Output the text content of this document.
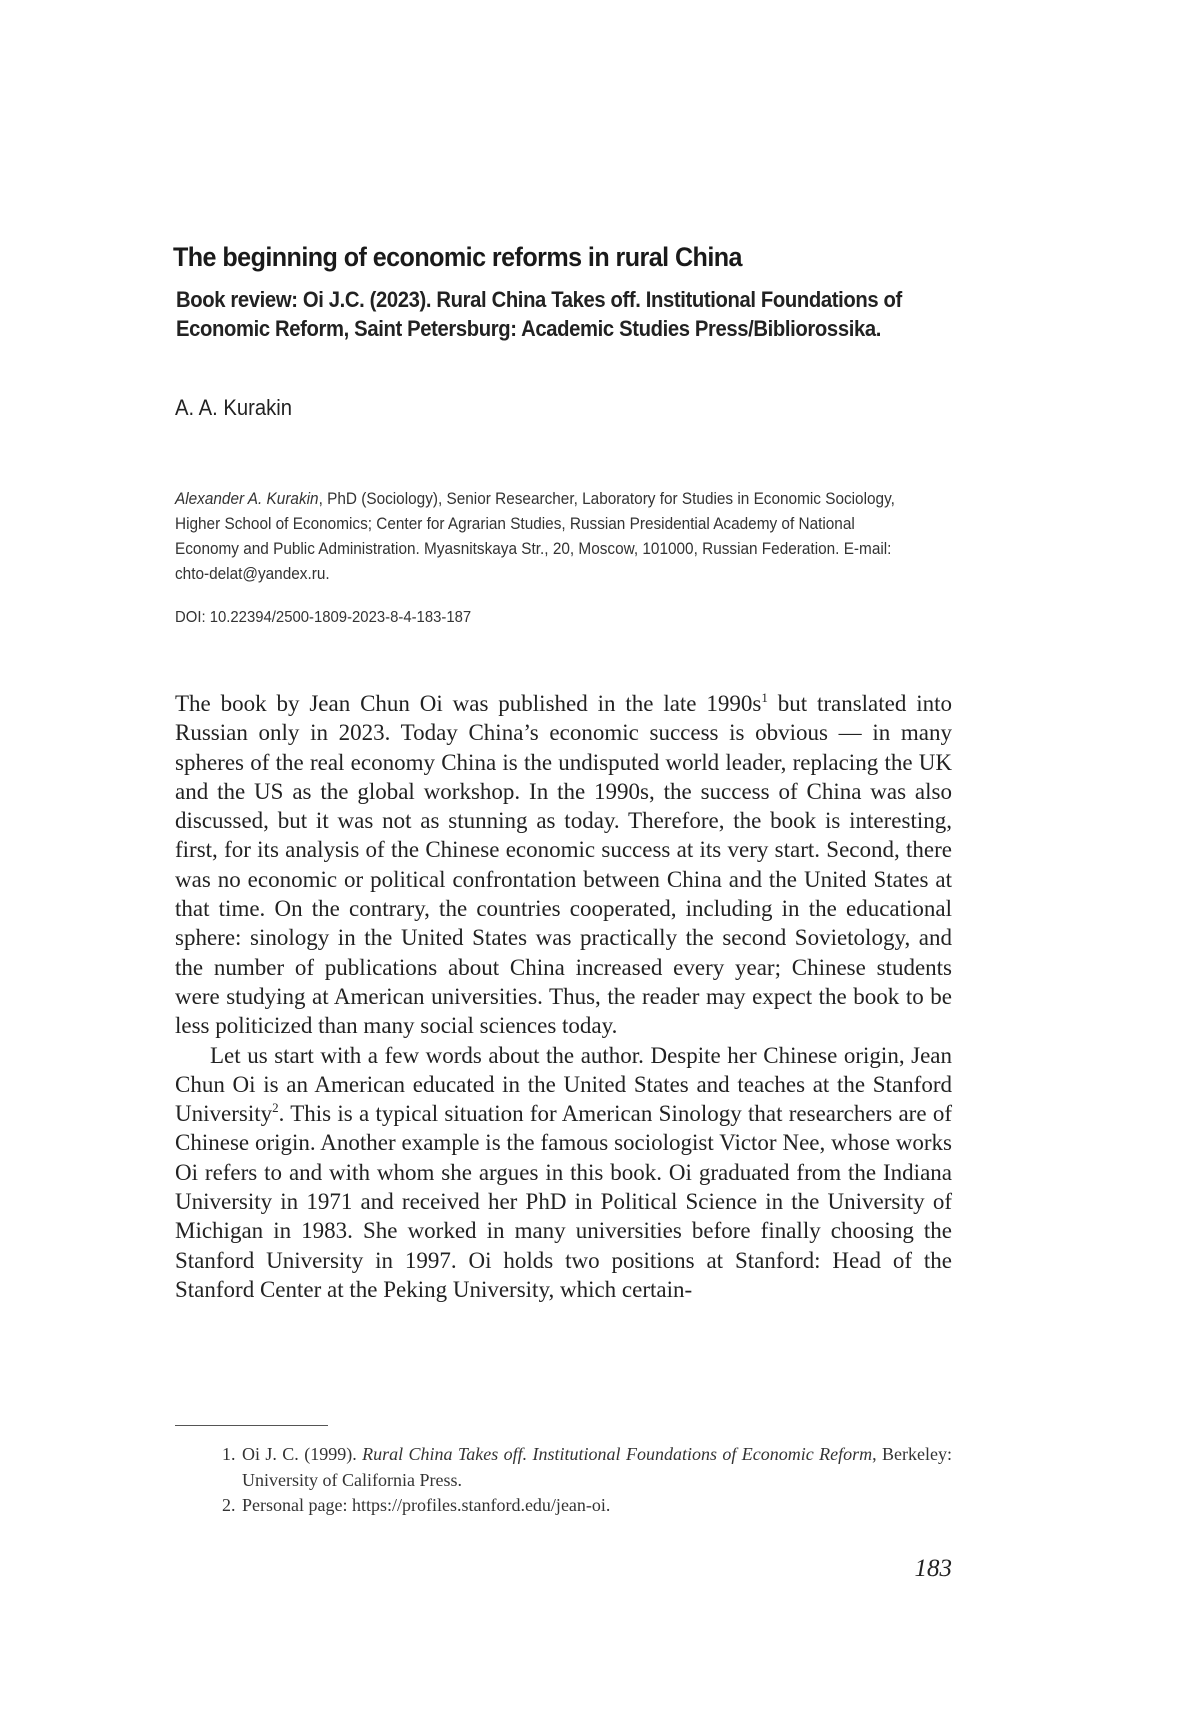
The beginning of economic reforms in rural China
Book review: Oi J.C. (2023). Rural China Takes off. Institutional Foundations of Economic Reform, Saint Petersburg: Academic Studies Press/Bibliorossika.
A. A. Kurakin

Alexander A. Kurakin, PhD (Sociology), Senior Researcher, Laboratory for Studies in Economic Sociology, Higher School of Economics; Center for Agrarian Studies, Russian Presidential Academy of National Economy and Public Administration. Myasnitskaya Str., 20, Moscow, 101000, Russian Federation. E-mail: chto-delat@yandex.ru.

DOI: 10.22394/2500-1809-2023-8-4-183-187

The book by Jean Chun Oi was published in the late $1990s^1$ but translated into Russian only in 2023. Today China’s economic success is obvious — in many spheres of the real economy China is the undisputed world leader, replacing the UK and the US as the global workshop. In the 1990s, the success of China was also discussed, but it was not as stunning as today. Therefore, the book is interesting, first, for its analysis of the Chinese economic success at its very start. Second, there was no economic or political confrontation between China and the United States at that time. On the contrary, the countries cooperated, including in the educational sphere: sinology in the United States was practically the second Sovietology, and the number of publications about China increased every year; Chinese students were studying at American universities. Thus, the reader may expect the book to be less politicized than many social sciences today.

Let us start with a few words about the author. Despite her Chinese origin, Jean Chun Oi is an American educated in the United States and teaches at the Stanford University$^2$. This is a typical situation for American Sinology that researchers are of Chinese origin. Another example is the famous sociologist Victor Nee, whose works Oi refers to and with whom she argues in this book. Oi graduated from the Indiana University in 1971 and received her PhD in Political Science in the University of Michigan in 1983. She worked in many universities before finally choosing the Stanford University in 1997. Oi holds two positions at Stanford: Head of the Stanford Center at the Peking University, which certain-

1. Oi J. C. (1999). Rural China Takes off. Institutional Foundations of Economic Reform, Berkeley: University of California Press.
2. Personal page: https://profiles.stanford.edu/jean-oi.
183
